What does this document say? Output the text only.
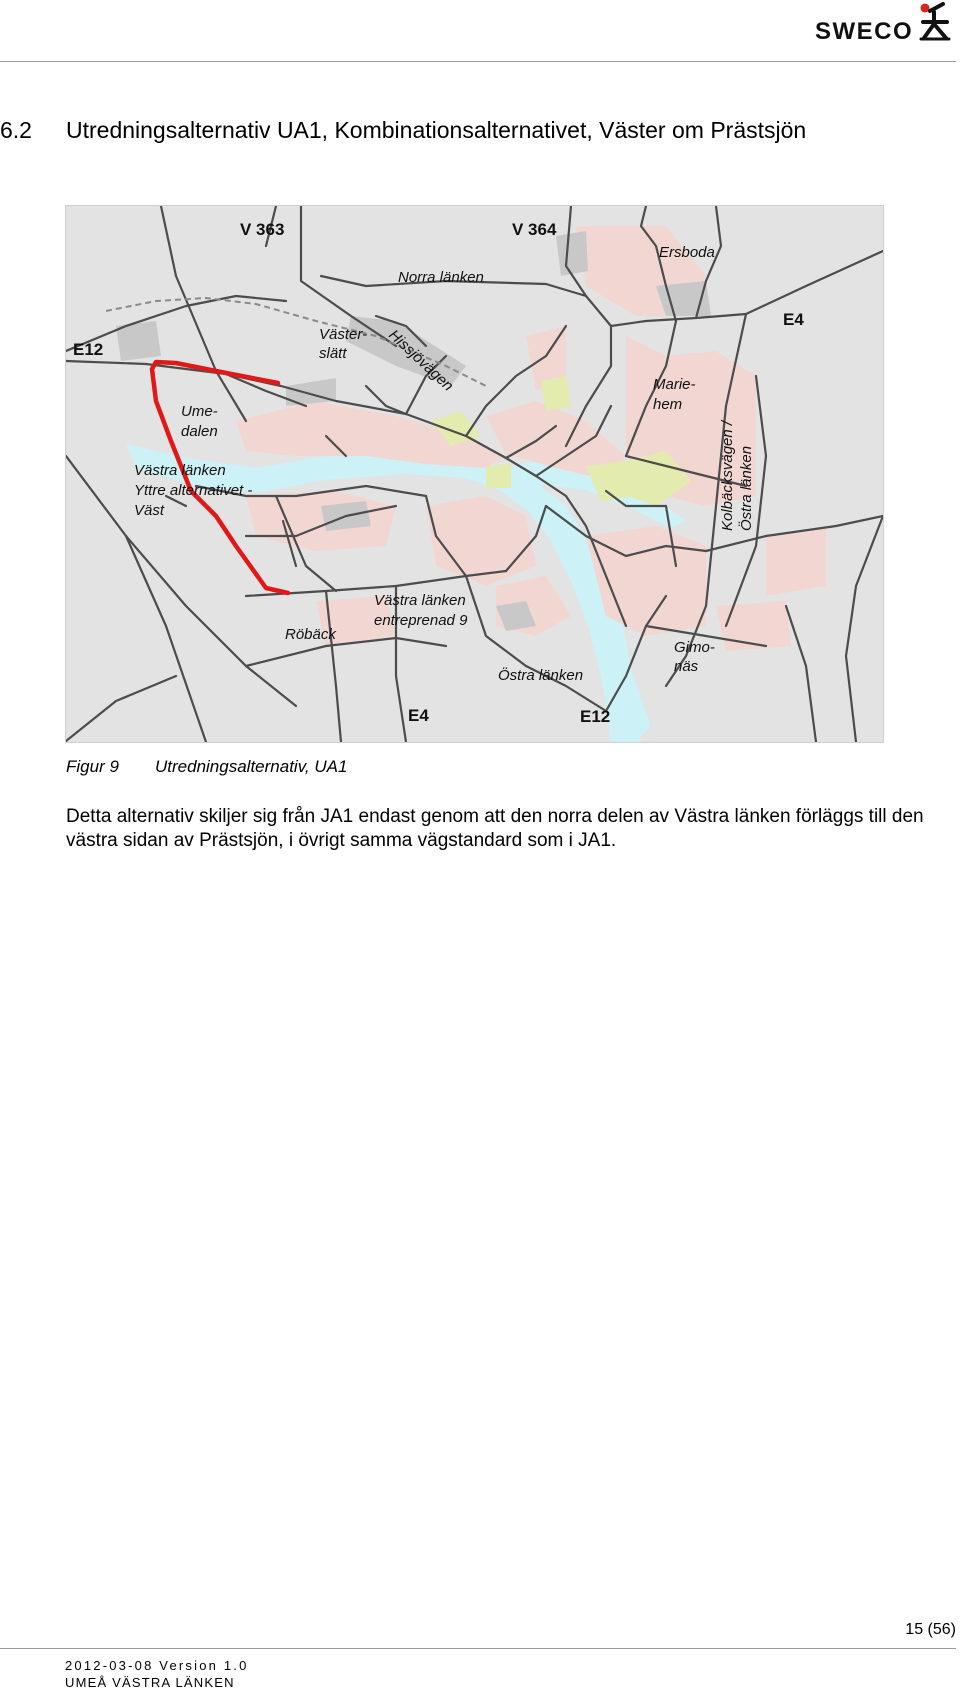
SWECO
6.2 Utredningsalternativ UA1, Kombinationsalternativet, Väster om Prästsjön
V 363	V 364
Ersboda
Norra länken
E4
E12
Väster-
slätt	Hissjövägen	Marie-
hem
Ume-
dalen	Kolbäcksvägen / Östra länken
Västra länken
Yttre alternativet -
Väst
Röbäck
Västra länken
entreprenad 9
Gimo-
näs
Östra länken
E4	E12
Figur 9 Utredningsalternativ, UA1

Detta alternativ skiljer sig från JA1 endast genom att den norra delen av Västra länken förläggs till den västra sidan av Prästsjön, i övrigt samma vägstandard som i JA1.

15 (56)
2012-03-08 Version 1.0
UMEÅ VÄSTRA LÄNKEN
